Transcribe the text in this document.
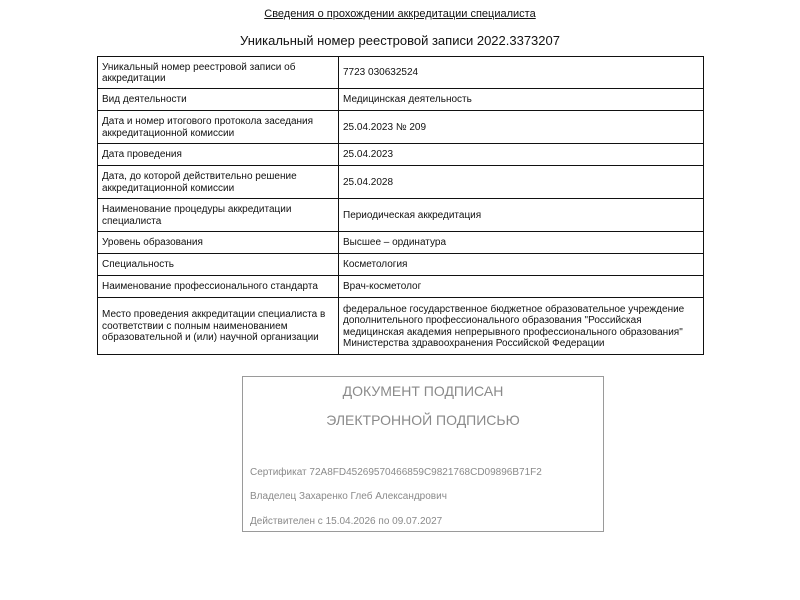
Сведения о прохождении аккредитации специалиста
Уникальный номер реестровой записи 2022.3373207
Уникальный номер реестровой записи об аккредитации	7723 030632524
Вид деятельности	Медицинская деятельность
Дата и номер итогового протокола заседания аккредитационной комиссии	25.04.2023 № 209
Дата проведения	25.04.2023
Дата, до которой действительно решение аккредитационной комиссии	25.04.2028
Наименование процедуры аккредитации специалиста	Периодическая аккредитация
Уровень образования	Высшее – ординатура
Специальность	Косметология
Наименование профессионального стандарта	Врач-косметолог
Место проведения аккредитации специалиста в соответствии с полным наименованием образовательной и (или) научной организации	федеральное государственное бюджетное образовательное учреждение дополнительного профессионального образования "Российская медицинская академия непрерывного профессионального образования" Министерства здравоохранения Российской Федерации
ДОКУМЕНТ ПОДПИСАН
ЭЛЕКТРОННОЙ ПОДПИСЬЮ
Сертификат 72A8FD45269570466859C9821768CD09896B71F2
Владелец Захаренко Глеб Александрович
Действителен с 15.04.2026 по 09.07.2027
